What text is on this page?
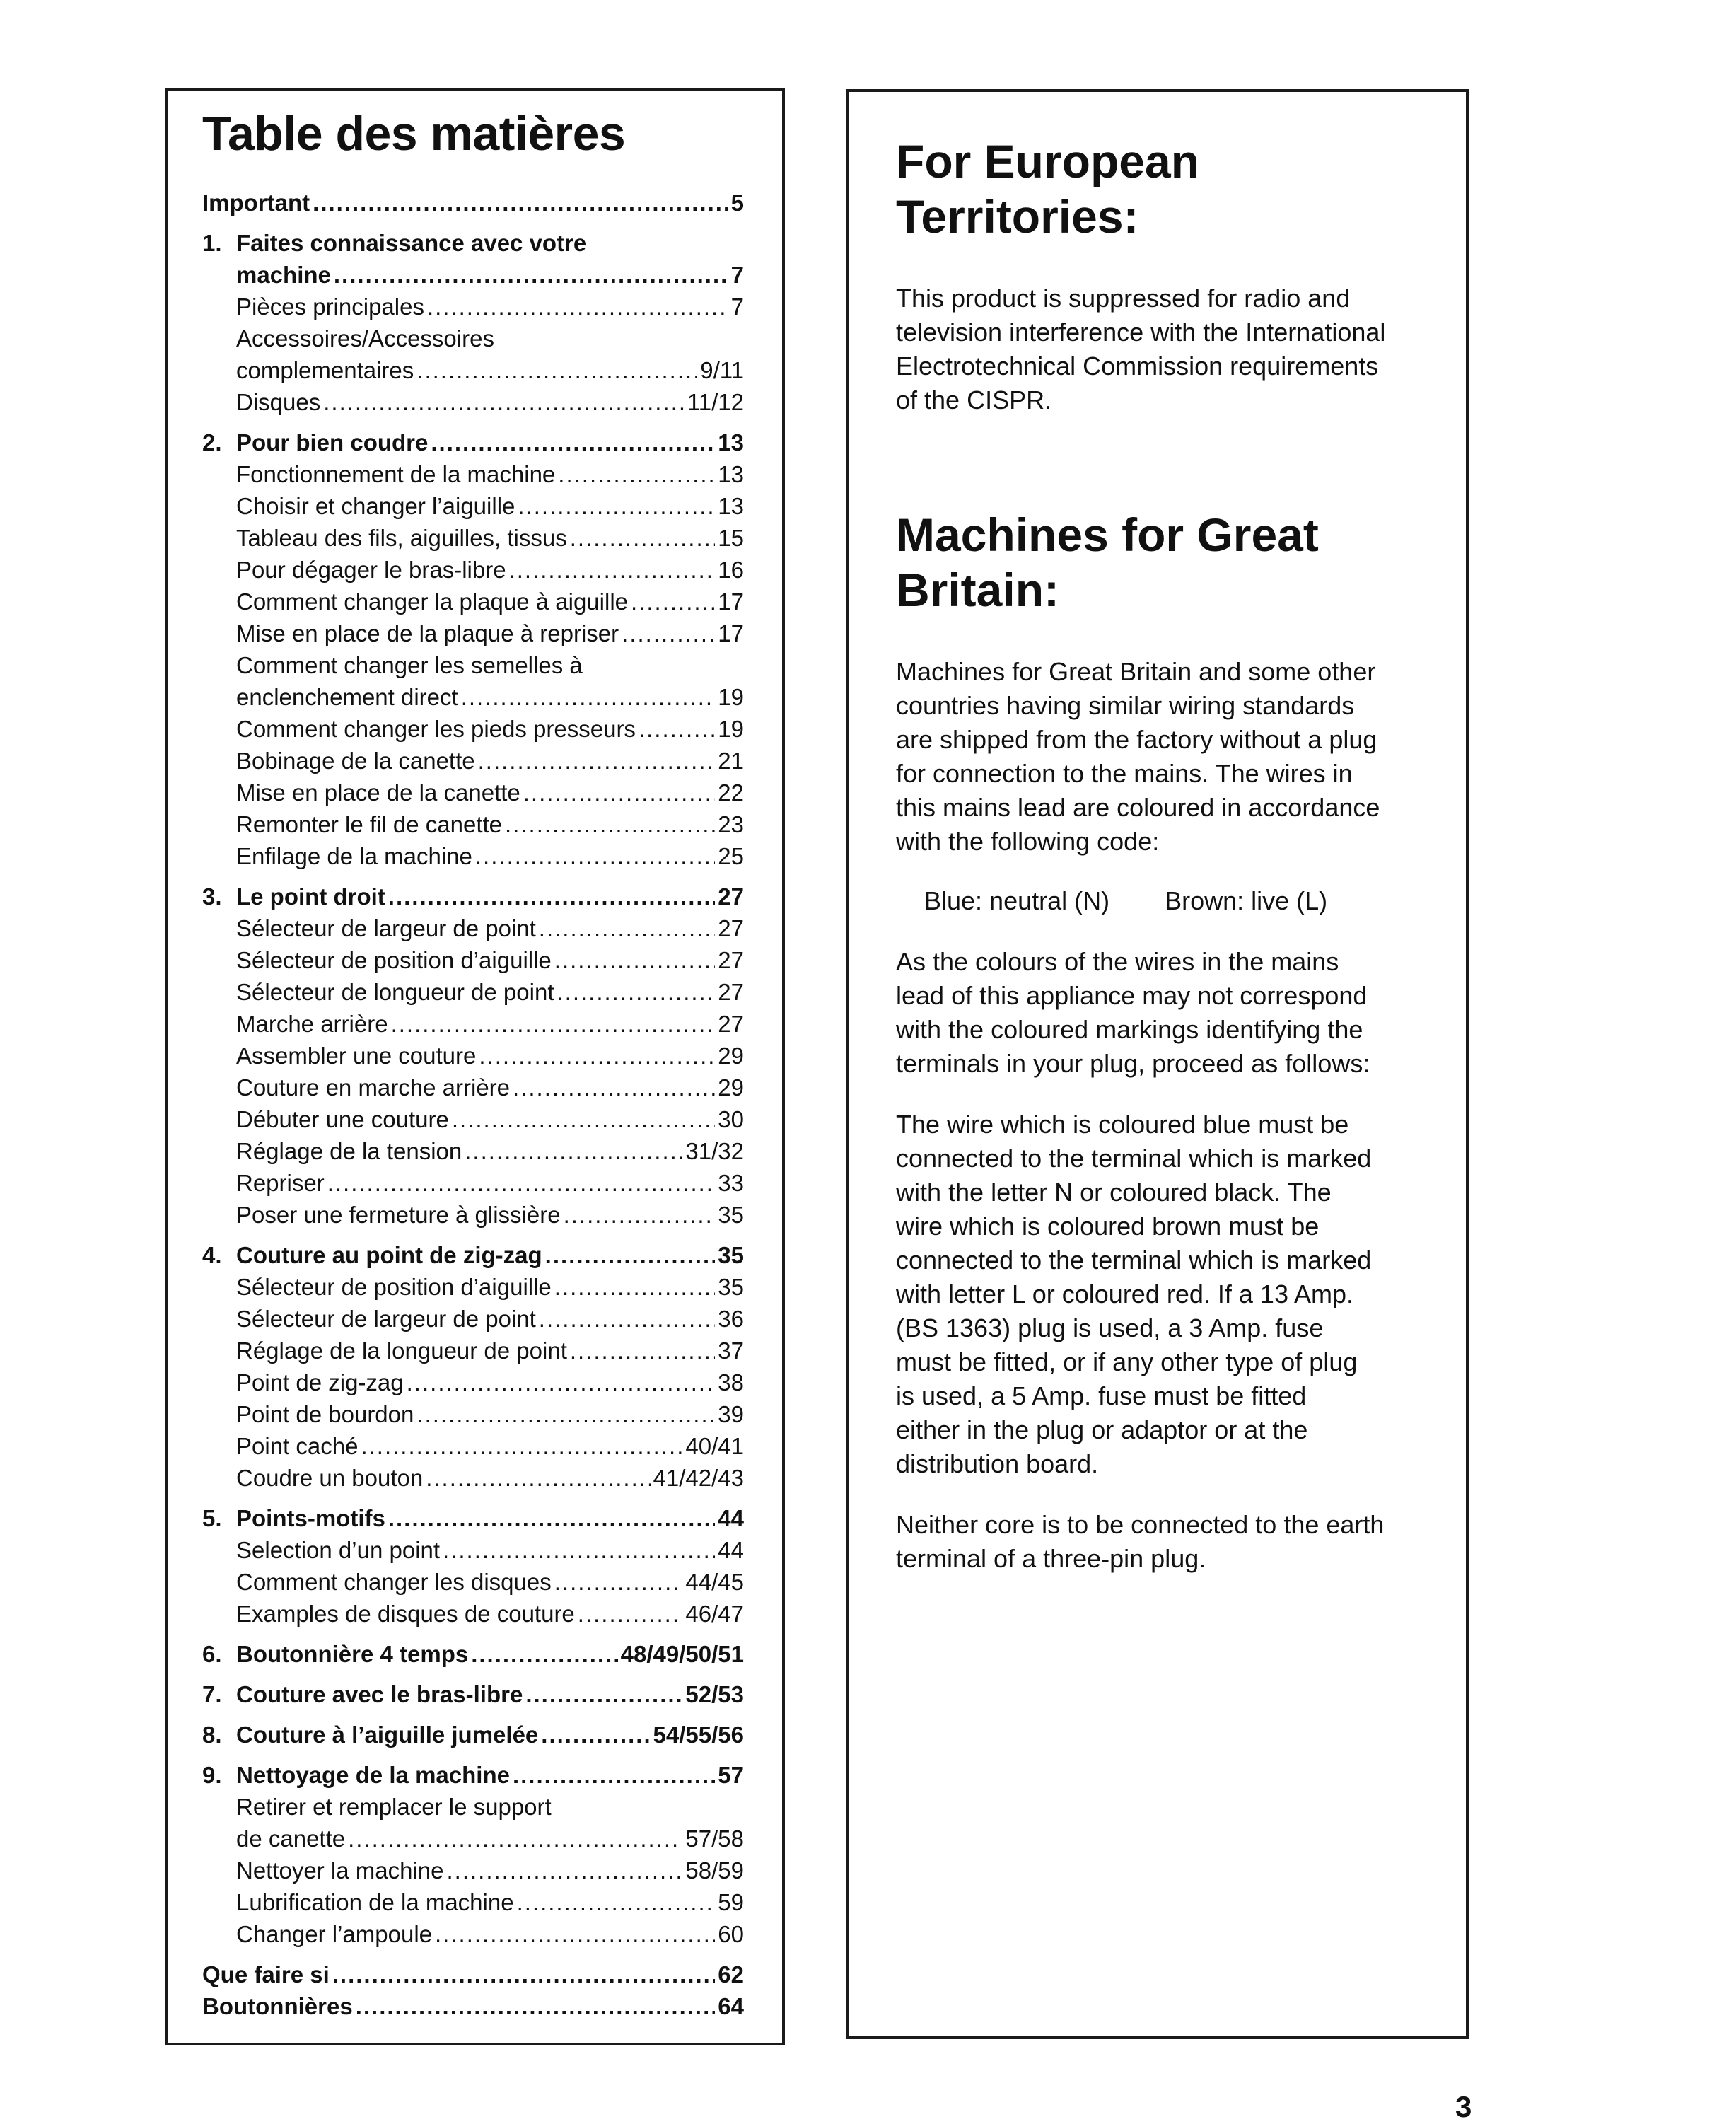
Table des matières
Important .....	5
1. Faites connaissance avec votre
machine .....	7
Pièces principales .....	7
Accessoires/Accessoires
complementaires .....	9/11
Disques .....	11/12
2. Pour bien coudre .....	13
Fonctionnement de la machine .....	13
Choisir et changer l’aiguille .....	13
Tableau des fils, aiguilles, tissus .....	15
Pour dégager le bras-libre .....	16
Comment changer la plaque à aiguille .....	17
Mise en place de la plaque à repriser .....	17
Comment changer les semelles à
enclenchement direct .....	19
Comment changer les pieds presseurs .....	19
Bobinage de la canette .....	21
Mise en place de la canette .....	22
Remonter le fil de canette .....	23
Enfilage de la machine .....	25
3. Le point droit .....	27
Sélecteur de largeur de point .....	27
Sélecteur de position d’aiguille .....	27
Sélecteur de longueur de point .....	27
Marche arrière .....	27
Assembler une couture .....	29
Couture en marche arrière .....	29
Débuter une couture .....	30
Réglage de la tension .....	31/32
Repriser .....	33
Poser une fermeture à glissière .....	35
4. Couture au point de zig-zag .....	35
Sélecteur de position d’aiguille .....	35
Sélecteur de largeur de point .....	36
Réglage de la longueur de point .....	37
Point de zig-zag .....	38
Point de bourdon .....	39
Point caché .....	40/41
Coudre un bouton .....	41/42/43
5. Points-motifs .....	44
Selection d’un point .....	44
Comment changer les disques .....	44/45
Examples de disques de couture .....	46/47
6. Boutonnière 4 temps .....	48/49/50/51
7. Couture avec le bras-libre .....	52/53
8. Couture à l’aiguille jumelée .....	54/55/56
9. Nettoyage de la machine .....	57
Retirer et remplacer le support
de canette .....	57/58
Nettoyer la machine .....	58/59
Lubrification de la machine .....	59
Changer l’ampoule .....	60
Que faire si .....	62
Boutonnières .....	64
For European
Territories:

This product is suppressed for radio and
television interference with the International
Electrotechnical Commission requirements
of the CISPR.

Machines for Great
Britain:

Machines for Great Britain and some other
countries having similar wiring standards
are shipped from the factory without a plug
for connection to the mains. The wires in
this mains lead are coloured in accordance
with the following code:

Blue: neutral (N) Brown: live (L)

As the colours of the wires in the mains
lead of this appliance may not correspond
with the coloured markings identifying the
terminals in your plug, proceed as follows:

The wire which is coloured blue must be
connected to the terminal which is marked
with the letter N or coloured black. The
wire which is coloured brown must be
connected to the terminal which is marked
with letter L or coloured red. If a 13 Amp.
(BS 1363) plug is used, a 3 Amp. fuse
must be fitted, or if any other type of plug
is used, a 5 Amp. fuse must be fitted
either in the plug or adaptor or at the
distribution board.

Neither core is to be connected to the earth
terminal of a three-pin plug.

3
